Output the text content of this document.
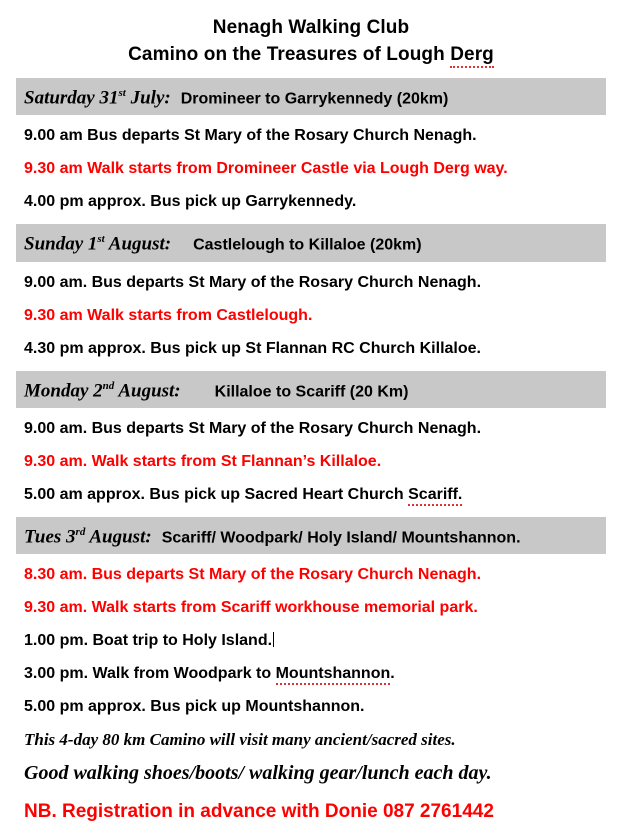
Nenagh Walking Club
Camino on the Treasures of Lough Derg
Saturday 31st July: Dromineer to Garrykennedy (20km)
9.00 am Bus departs St Mary of the Rosary Church Nenagh.
9.30 am Walk starts from Dromineer Castle via Lough Derg way.
4.00 pm approx. Bus pick up Garrykennedy.
Sunday 1st August: Castlelough to Killaloe (20km)
9.00 am. Bus departs St Mary of the Rosary Church Nenagh.
9.30 am Walk starts from Castlelough.
4.30 pm approx. Bus pick up St Flannan RC Church Killaloe.
Monday 2nd August: Killaloe to Scariff (20 Km)
9.00 am. Bus departs St Mary of the Rosary Church Nenagh.
9.30 am. Walk starts from St Flannan’s Killaloe.
5.00 am approx. Bus pick up Sacred Heart Church Scariff.
Tues 3rd August: Scariff/ Woodpark/ Holy Island/ Mountshannon.
8.30 am. Bus departs St Mary of the Rosary Church Nenagh.
9.30 am. Walk starts from Scariff workhouse memorial park.
1.00 pm. Boat trip to Holy Island.
3.00 pm. Walk from Woodpark to Mountshannon.
5.00 pm approx. Bus pick up Mountshannon.
This 4-day 80 km Camino will visit many ancient/sacred sites.
Good walking shoes/boots/ walking gear/lunch each day.
NB. Registration in advance with Donie 087 2761442
